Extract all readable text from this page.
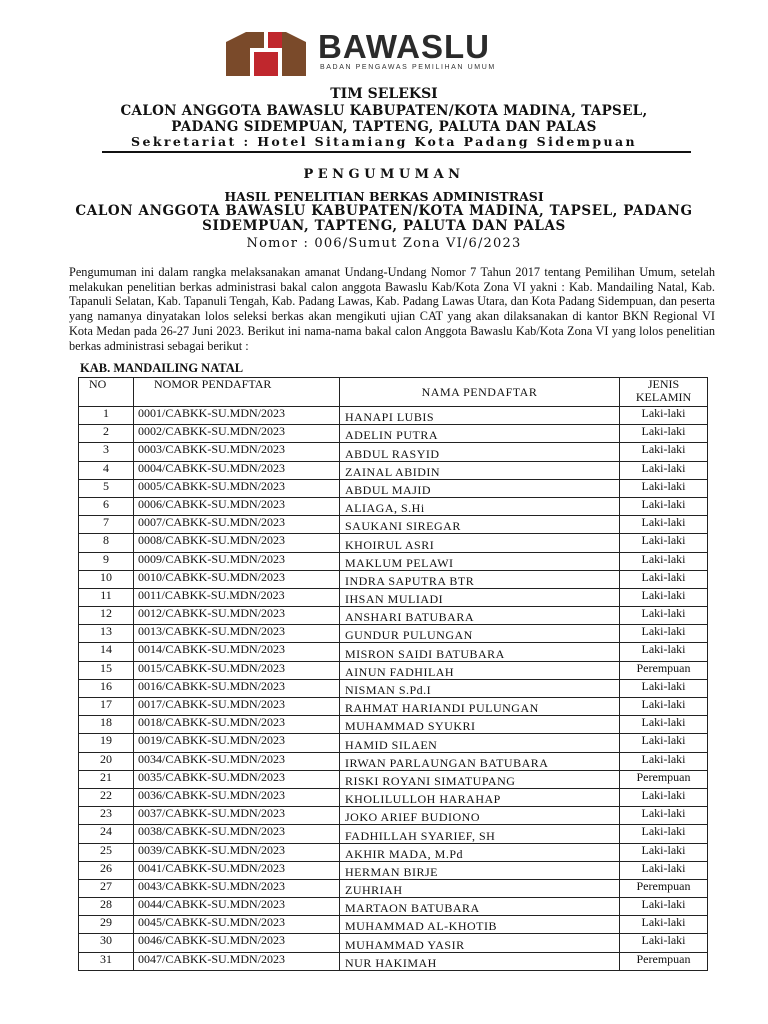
BAWASLU
BADAN PENGAWAS PEMILIHAN UMUM
TIM SELEKSI
CALON ANGGOTA BAWASLU KABUPATEN/KOTA MADINA, TAPSEL,
PADANG SIDEMPUAN, TAPTENG, PALUTA DAN PALAS
Sekretariat : Hotel Sitamiang Kota Padang Sidempuan
PENGUMUMAN
HASIL PENELITIAN BERKAS ADMINISTRASI
CALON ANGGOTA BAWASLU KABUPATEN/KOTA MADINA, TAPSEL, PADANG
SIDEMPUAN, TAPTENG, PALUTA DAN PALAS
Nomor : 006/Sumut Zona VI/6/2023
Pengumuman ini dalam rangka melaksanakan amanat Undang-Undang Nomor 7 Tahun 2017 tentang Pemilihan Umum, setelah melakukan penelitian berkas administrasi bakal calon anggota Bawaslu Kab/Kota Zona VI yakni : Kab. Mandailing Natal, Kab. Tapanuli Selatan, Kab. Tapanuli Tengah, Kab. Padang Lawas, Kab. Padang Lawas Utara, dan Kota Padang Sidempuan, dan peserta yang namanya dinyatakan lolos seleksi berkas akan mengikuti ujian CAT yang akan dilaksanakan di kantor BKN Regional VI Kota Medan pada 26-27 Juni 2023. Berikut ini nama-nama bakal calon Anggota Bawaslu Kab/Kota Zona VI yang lolos penelitian berkas administrasi sebagai berikut :
KAB. MANDAILING NATAL
NO	NOMOR PENDAFTAR	NAMA PENDAFTAR	JENIS KELAMIN
1	0001/CABKK-SU.MDN/2023	HANAPI LUBIS	Laki-laki
2	0002/CABKK-SU.MDN/2023	ADELIN PUTRA	Laki-laki
3	0003/CABKK-SU.MDN/2023	ABDUL RASYID	Laki-laki
4	0004/CABKK-SU.MDN/2023	ZAINAL ABIDIN	Laki-laki
5	0005/CABKK-SU.MDN/2023	ABDUL MAJID	Laki-laki
6	0006/CABKK-SU.MDN/2023	ALIAGA, S.Hi	Laki-laki
7	0007/CABKK-SU.MDN/2023	SAUKANI SIREGAR	Laki-laki
8	0008/CABKK-SU.MDN/2023	KHOIRUL ASRI	Laki-laki
9	0009/CABKK-SU.MDN/2023	MAKLUM PELAWI	Laki-laki
10	0010/CABKK-SU.MDN/2023	INDRA SAPUTRA BTR	Laki-laki
11	0011/CABKK-SU.MDN/2023	IHSAN MULIADI	Laki-laki
12	0012/CABKK-SU.MDN/2023	ANSHARI BATUBARA	Laki-laki
13	0013/CABKK-SU.MDN/2023	GUNDUR PULUNGAN	Laki-laki
14	0014/CABKK-SU.MDN/2023	MISRON SAIDI BATUBARA	Laki-laki
15	0015/CABKK-SU.MDN/2023	AINUN FADHILAH	Perempuan
16	0016/CABKK-SU.MDN/2023	NISMAN S.Pd.I	Laki-laki
17	0017/CABKK-SU.MDN/2023	RAHMAT HARIANDI PULUNGAN	Laki-laki
18	0018/CABKK-SU.MDN/2023	MUHAMMAD SYUKRI	Laki-laki
19	0019/CABKK-SU.MDN/2023	HAMID SILAEN	Laki-laki
20	0034/CABKK-SU.MDN/2023	IRWAN PARLAUNGAN BATUBARA	Laki-laki
21	0035/CABKK-SU.MDN/2023	RISKI ROYANI SIMATUPANG	Perempuan
22	0036/CABKK-SU.MDN/2023	KHOLILULLOH HARAHAP	Laki-laki
23	0037/CABKK-SU.MDN/2023	JOKO ARIEF BUDIONO	Laki-laki
24	0038/CABKK-SU.MDN/2023	FADHILLAH SYARIEF, SH	Laki-laki
25	0039/CABKK-SU.MDN/2023	AKHIR MADA, M.Pd	Laki-laki
26	0041/CABKK-SU.MDN/2023	HERMAN BIRJE	Laki-laki
27	0043/CABKK-SU.MDN/2023	ZUHRIAH	Perempuan
28	0044/CABKK-SU.MDN/2023	MARTAON BATUBARA	Laki-laki
29	0045/CABKK-SU.MDN/2023	MUHAMMAD AL-KHOTIB	Laki-laki
30	0046/CABKK-SU.MDN/2023	MUHAMMAD YASIR	Laki-laki
31	0047/CABKK-SU.MDN/2023	NUR HAKIMAH	Perempuan
